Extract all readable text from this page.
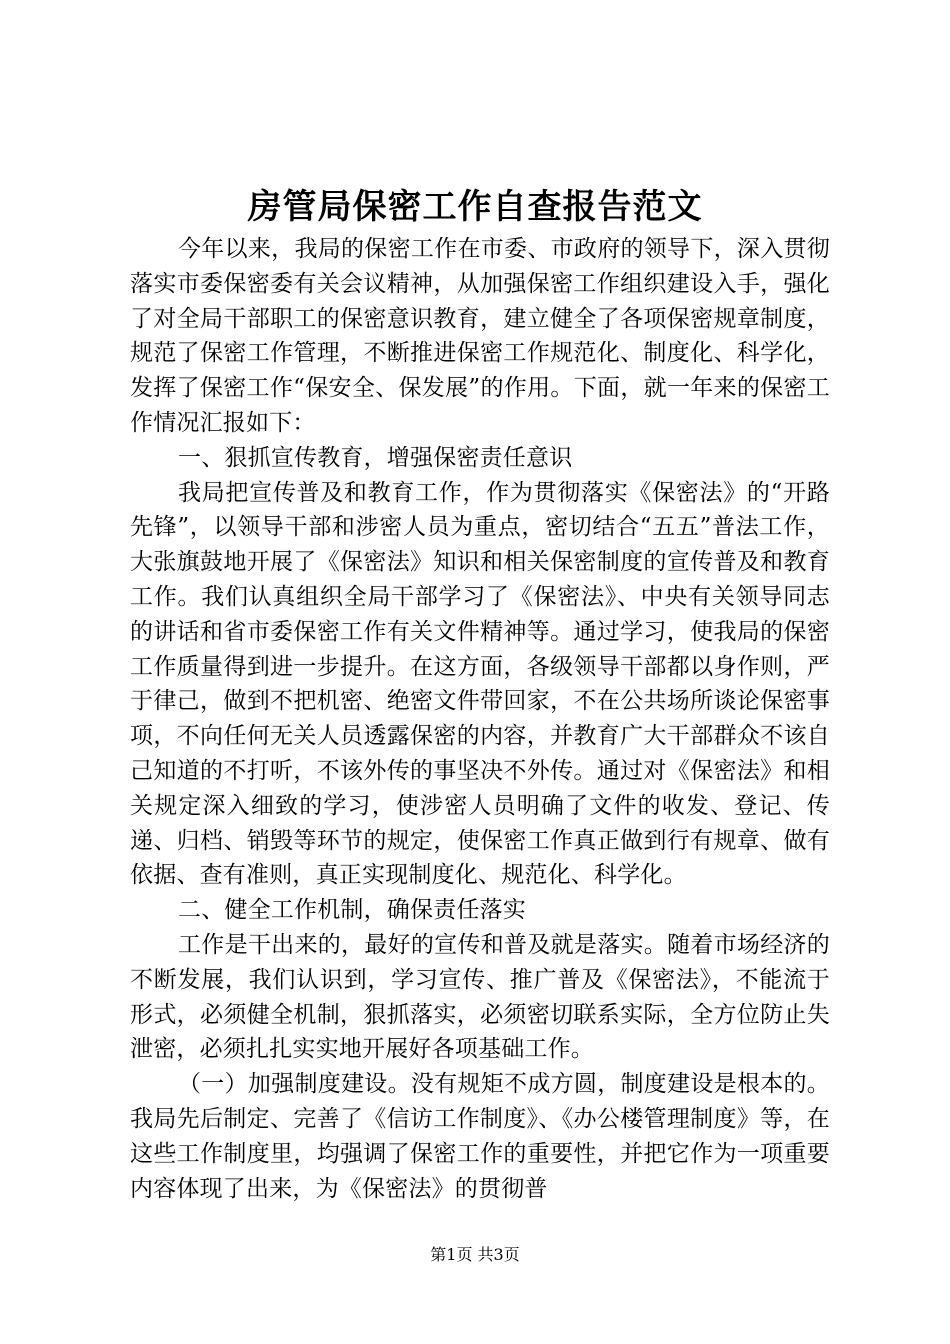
房管局保密工作自查报告范文

今年以来，我局的保密工作在市委、市政府的领导下，深入贯彻落实市委保密委有关会议精神，从加强保密工作组织建设入手，强化了对全局干部职工的保密意识教育，建立健全了各项保密规章制度，规范了保密工作管理，不断推进保密工作规范化、制度化、科学化，发挥了保密工作“保安全、保发展”的作用。下面，就一年来的保密工作情况汇报如下：

一、狠抓宣传教育，增强保密责任意识

我局把宣传普及和教育工作，作为贯彻落实《保密法》的“开路先锋”，以领导干部和涉密人员为重点，密切结合“五五”普法工作，大张旗鼓地开展了《保密法》知识和相关保密制度的宣传普及和教育工作。我们认真组织全局干部学习了《保密法》、中央有关领导同志的讲话和省市委保密工作有关文件精神等。通过学习，使我局的保密工作质量得到进一步提升。在这方面，各级领导干部都以身作则，严于律己，做到不把机密、绝密文件带回家，不在公共场所谈论保密事项，不向任何无关人员透露保密的内容，并教育广大干部群众不该自己知道的不打听，不该外传的事坚决不外传。通过对《保密法》和相关规定深入细致的学习，使涉密人员明确了文件的收发、登记、传递、归档、销毁等环节的规定，使保密工作真正做到行有规章、做有依据、查有准则，真正实现制度化、规范化、科学化。

二、健全工作机制，确保责任落实

工作是干出来的，最好的宣传和普及就是落实。随着市场经济的不断发展，我们认识到，学习宣传、推广普及《保密法》，不能流于形式，必须健全机制，狠抓落实，必须密切联系实际，全方位防止失泄密，必须扎扎实实地开展好各项基础工作。

（一）加强制度建设。没有规矩不成方圆，制度建设是根本的。我局先后制定、完善了《信访工作制度》、《办公楼管理制度》等，在这些工作制度里，均强调了保密工作的重要性，并把它作为一项重要内容体现了出来，为《保密法》的贯彻普

第1页 共3页
